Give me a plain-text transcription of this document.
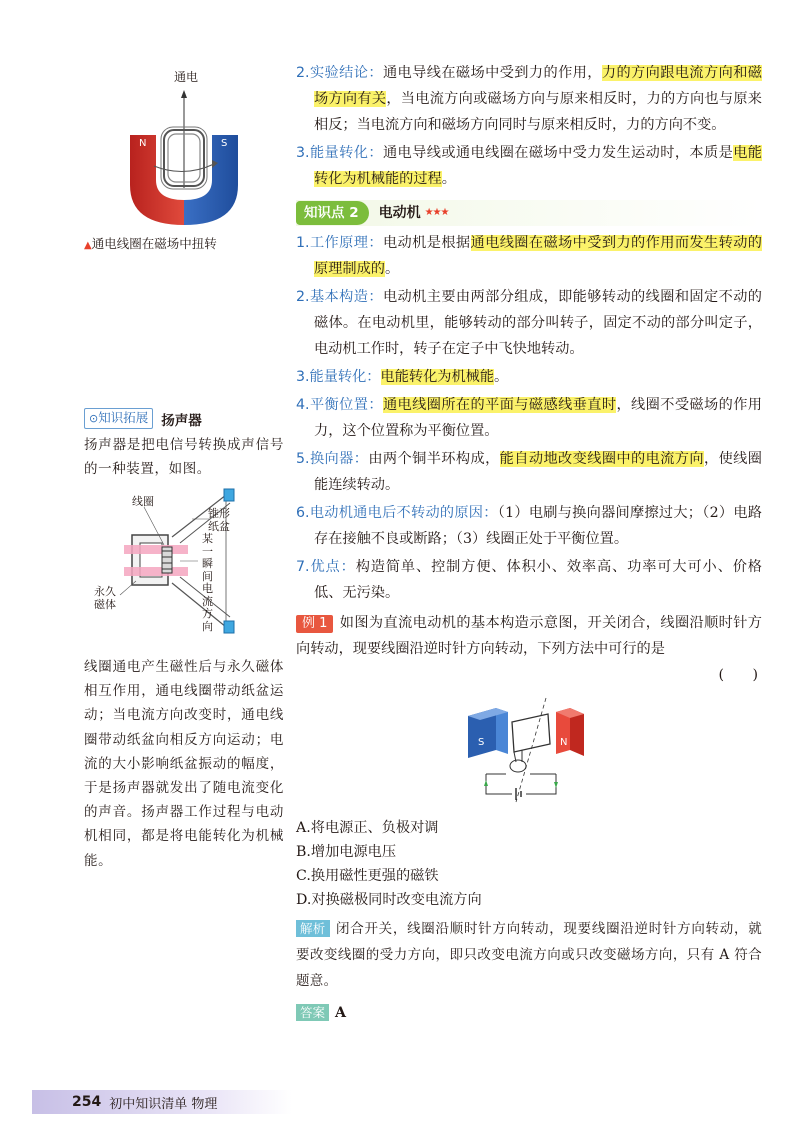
通电
N	S
▲通电线圈在磁场中扭转
⊙知识拓展 扬声器

扬声器是把电信号转换成声信号的一种装置，如图。

线圈
锥形纸盆
某一瞬间电流方向
永久磁体

线圈通电产生磁性后与永久磁体相互作用，通电线圈带动纸盆运动；当电流方向改变时，通电线圈带动纸盆向相反方向运动；电流的大小影响纸盆振动的幅度，于是扬声器就发出了随电流变化的声音。扬声器工作过程与电动机相同，都是将电能转化为机械能。

2.实验结论：通电导线在磁场中受到力的作用，力的方向跟电流方向和磁场方向有关，当电流方向或磁场方向与原来相反时，力的方向也与原来相反；当电流方向和磁场方向同时与原来相反时，力的方向不变。

3.能量转化：通电导线或通电线圈在磁场中受力发生运动时，本质是电能转化为机械能的过程。

知识点 2	电动机 ★★★

1.工作原理：电动机是根据通电线圈在磁场中受到力的作用而发生转动的原理制成的。

2.基本构造：电动机主要由两部分组成，即能够转动的线圈和固定不动的磁体。在电动机里，能够转动的部分叫转子，固定不动的部分叫定子，电动机工作时，转子在定子中飞快地转动。

3.能量转化：电能转化为机械能。

4.平衡位置：通电线圈所在的平面与磁感线垂直时，线圈不受磁场的作用力，这个位置称为平衡位置。

5.换向器：由两个铜半环构成，能自动地改变线圈中的电流方向，使线圈能连续转动。

6.电动机通电后不转动的原因：（1）电刷与换向器间摩擦过大；（2）电路存在接触不良或断路；（3）线圈正处于平衡位置。

7.优点：构造简单、控制方便、体积小、效率高、功率可大可小、价格低、无污染。

例 1 如图为直流电动机的基本构造示意图，开关闭合，线圈沿顺时针方向转动，现要线圈沿逆时针方向转动，下列方法中可行的是

(　　)

S	N

A.将电源正、负极对调

B.增加电源电压

C.换用磁性更强的磁铁

D.对换磁极同时改变电流方向

解析 闭合开关，线圈沿顺时针方向转动，现要线圈沿逆时针方向转动，就要改变线圈的受力方向，即只改变电流方向或只改变磁场方向，只有 A 符合题意。

答案 A

254 初中知识清单 物理
